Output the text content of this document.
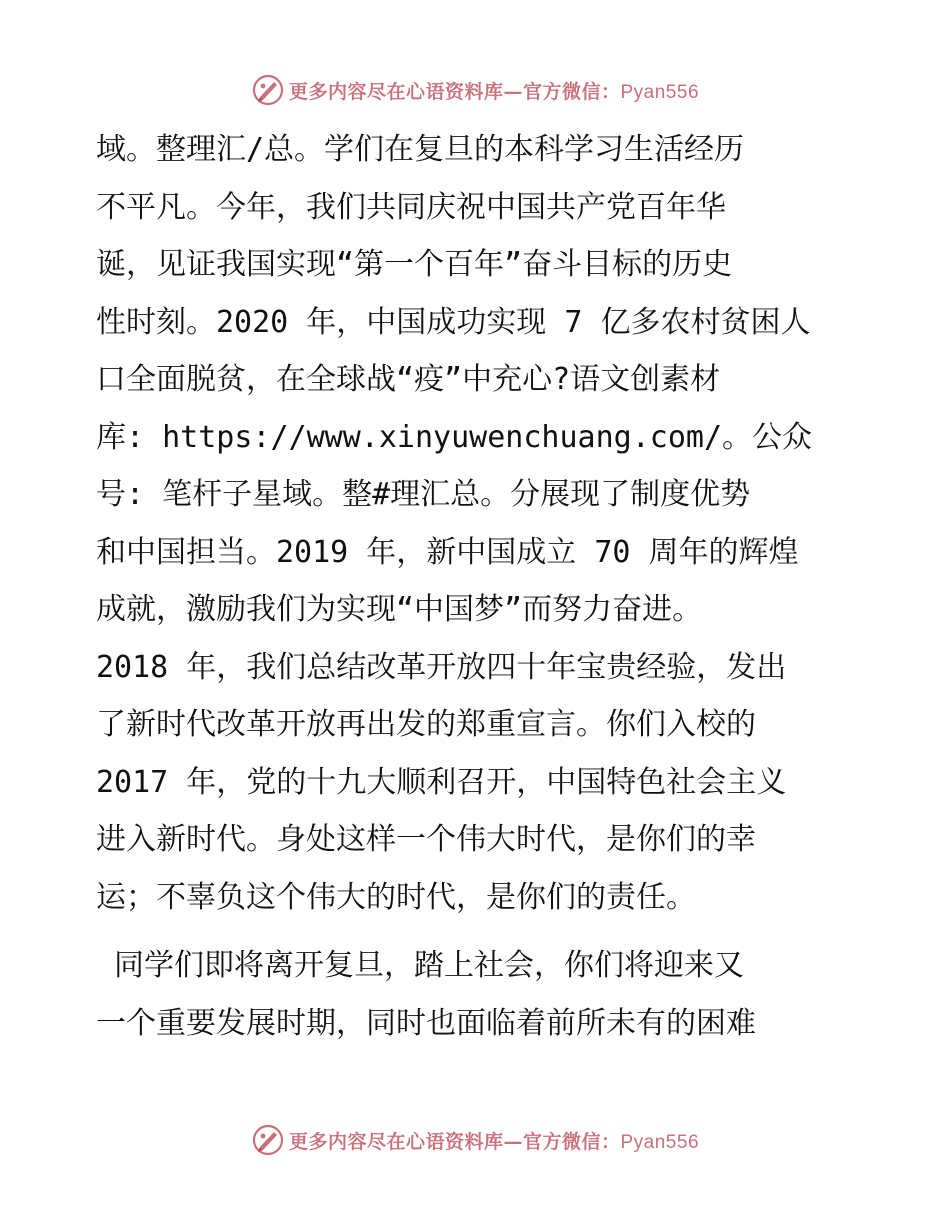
更多内容尽在心语资料库—官方微信：Pyan556
域。整理汇/总。学们在复旦的本科学习生活经历
不平凡。今年，我们共同庆祝中国共产党百年华
诞，见证我国实现“第一个百年”奋斗目标的历史
性时刻。2020 年，中国成功实现 7 亿多农村贫困人
口全面脱贫，在全球战“疫”中充心?语文创素材
库: https://www.xinyuwenchuang.com/。公众
号: 笔杆子星域。整#理汇总。分展现了制度优势
和中国担当。2019 年，新中国成立 70 周年的辉煌
成就，激励我们为实现“中国梦”而努力奋进。
2018 年，我们总结改革开放四十年宝贵经验，发出
了新时代改革开放再出发的郑重宣言。你们入校的
2017 年，党的十九大顺利召开，中国特色社会主义
进入新时代。身处这样一个伟大时代，是你们的幸
运；不辜负这个伟大的时代，是你们的责任。
同学们即将离开复旦，踏上社会，你们将迎来又
一个重要发展时期，同时也面临着前所未有的困难
更多内容尽在心语资料库—官方微信：Pyan556
